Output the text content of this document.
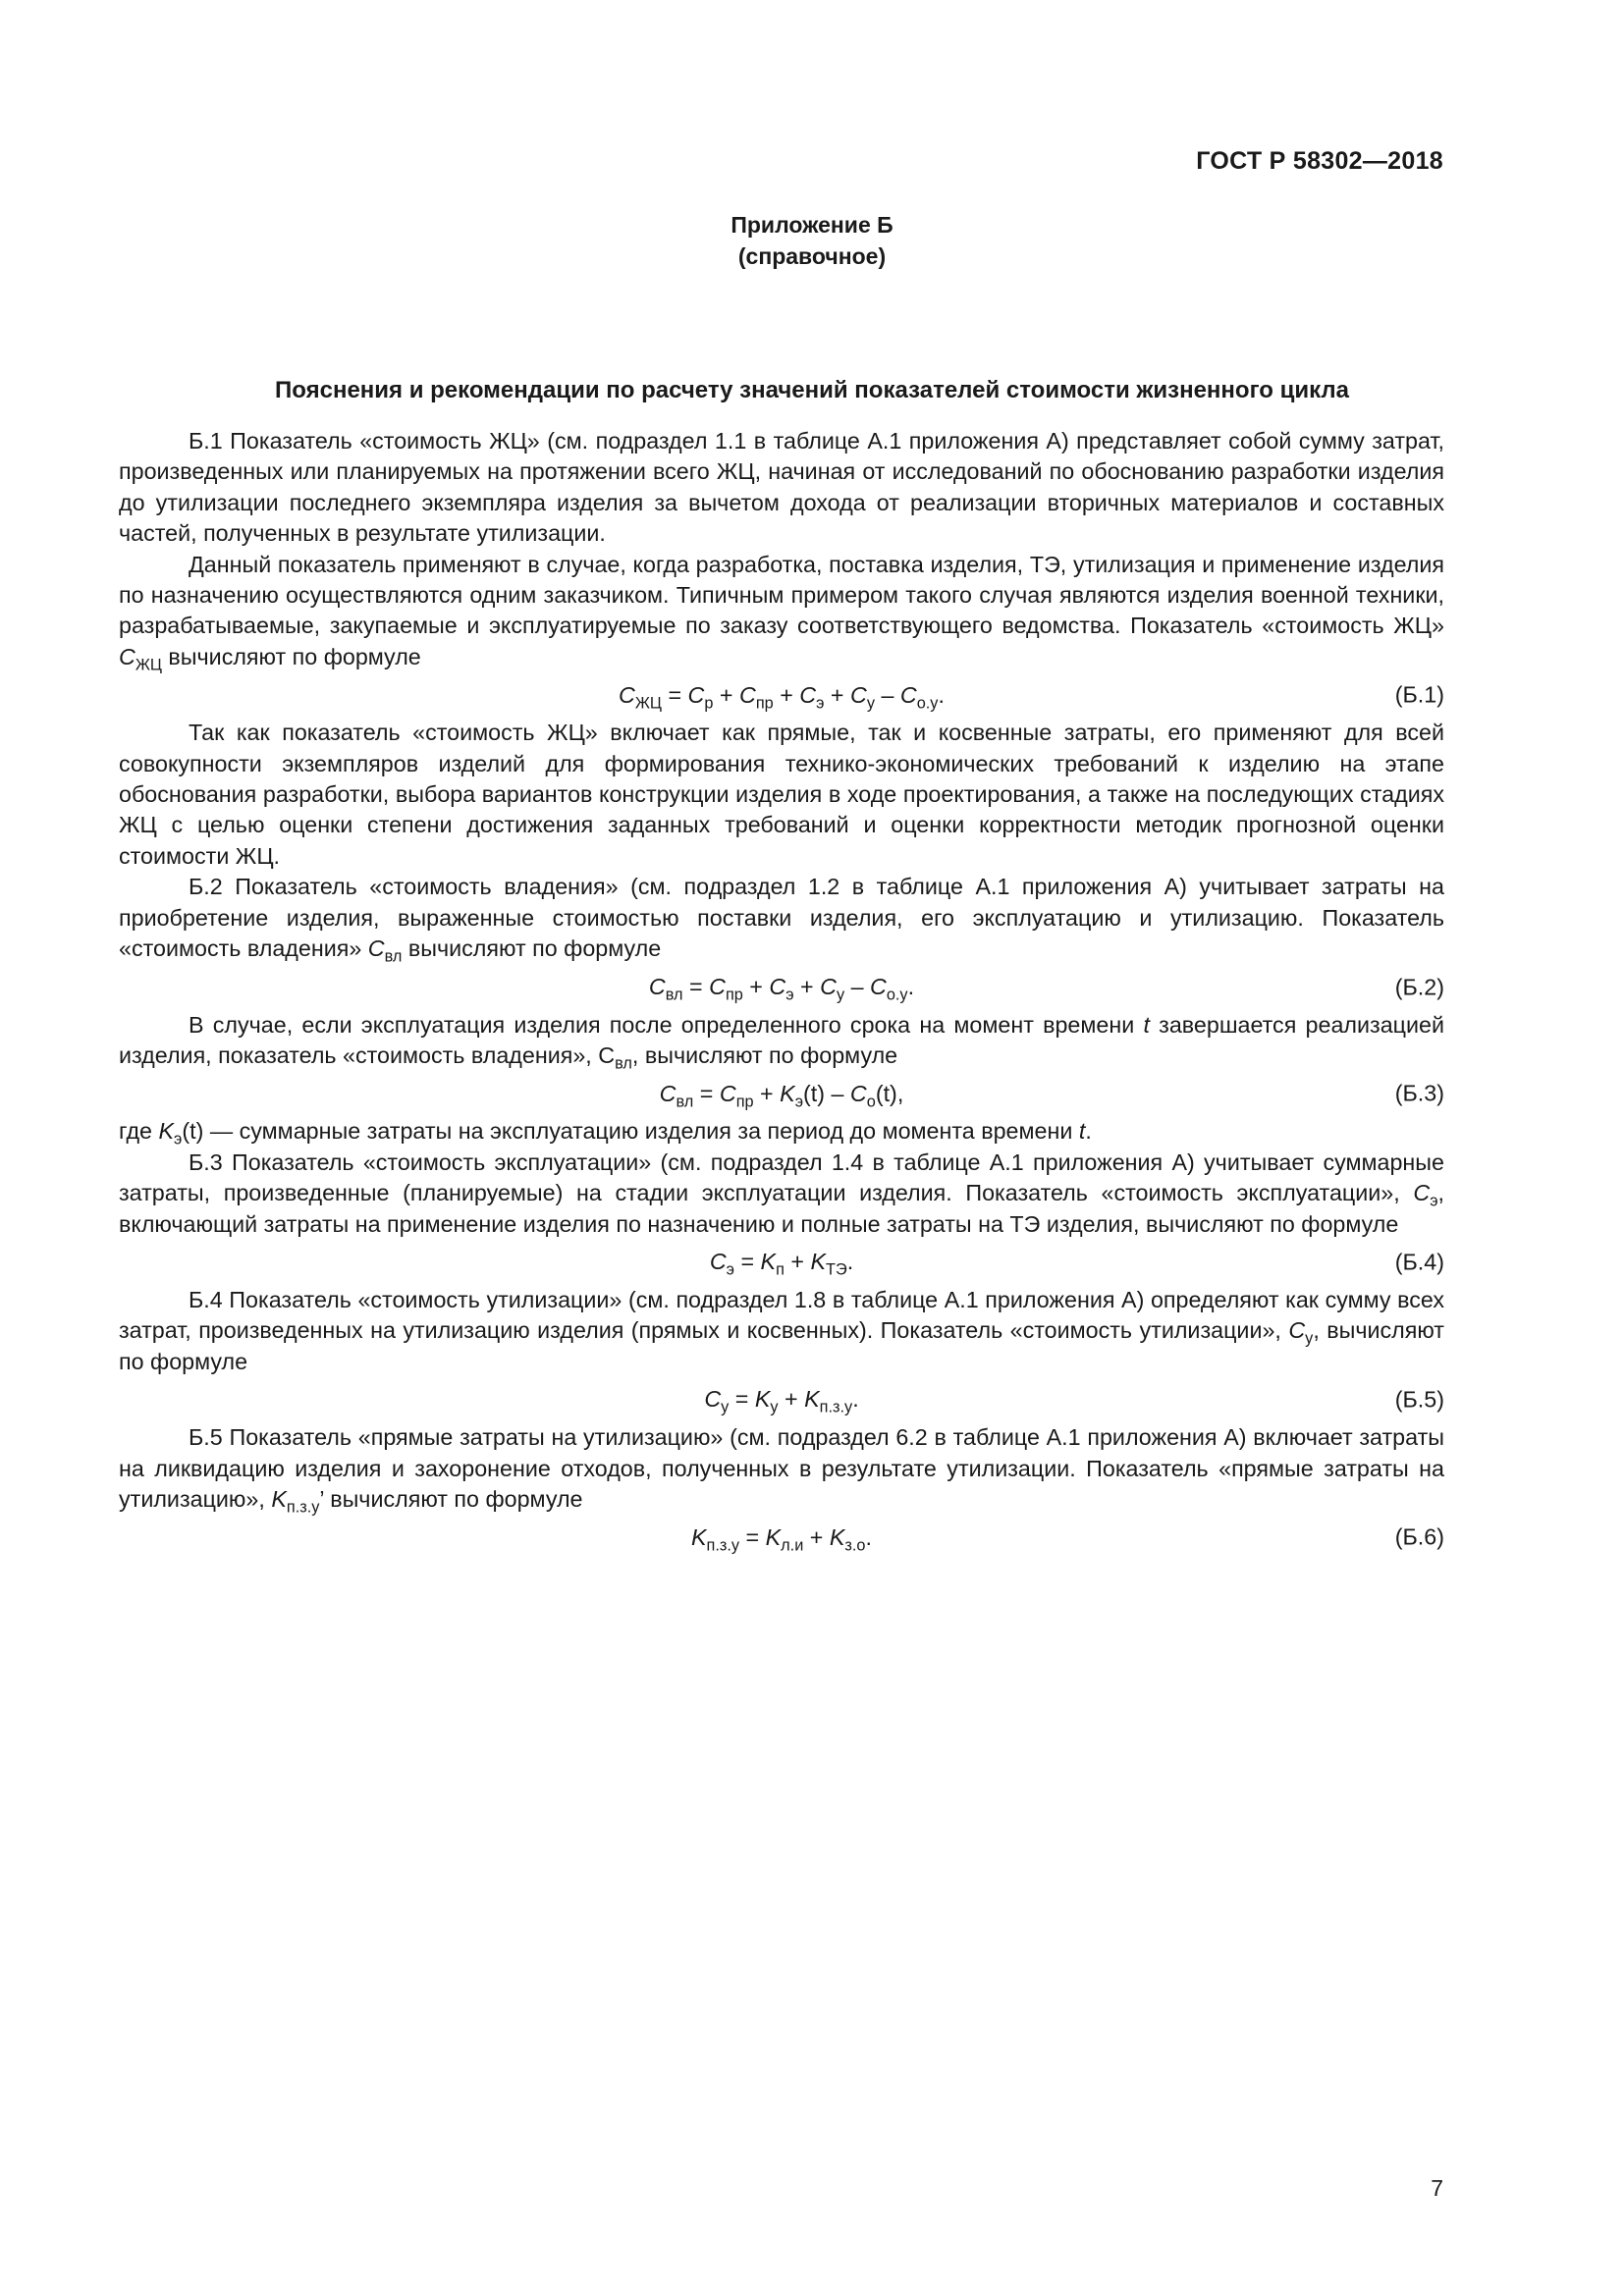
ГОСТ Р 58302—2018
Приложение Б
(справочное)
Пояснения и рекомендации по расчету значений показателей стоимости жизненного цикла

Б.1 Показатель «стоимость ЖЦ» (см. подраздел 1.1 в таблице А.1 приложения А) представляет собой сумму затрат, произведенных или планируемых на протяжении всего ЖЦ, начиная от исследований по обоснованию разработки изделия до утилизации последнего экземпляра изделия за вычетом дохода от реализации вторичных материалов и составных частей, полученных в результате утилизации.

Данный показатель применяют в случае, когда разработка, поставка изделия, ТЭ, утилизация и применение изделия по назначению осуществляются одним заказчиком. Типичным примером такого случая являются изделия военной техники, разрабатываемые, закупаемые и эксплуатируемые по заказу соответствующего ведомства. Показатель «стоимость ЖЦ» $C_{ЖЦ}$ вычисляют по формуле

$C_{ЖЦ} = C_р + C_{пр} + C_э + C_у - C_{о.у}$.	(Б.1)

Так как показатель «стоимость ЖЦ» включает как прямые, так и косвенные затраты, его применяют для всей совокупности экземпляров изделий для формирования технико-экономических требований к изделию на этапе обоснования разработки, выбора вариантов конструкции изделия в ходе проектирования, а также на последующих стадиях ЖЦ с целью оценки степени достижения заданных требований и оценки корректности методик прогнозной оценки стоимости ЖЦ.

Б.2 Показатель «стоимость владения» (см. подраздел 1.2 в таблице А.1 приложения А) учитывает затраты на приобретение изделия, выраженные стоимостью поставки изделия, его эксплуатацию и утилизацию. Показатель «стоимость владения» $C_{вл}$ вычисляют по формуле

$C_{вл} = C_{пр} + C_э + C_у - C_{о.у}$.	(Б.2)

В случае, если эксплуатация изделия после определенного срока на момент времени t завершается реализацией изделия, показатель «стоимость владения», $С_{вл}$, вычисляют по формуле

$C_{вл} = C_{пр} + K_э(t) - C_о(t)$,	(Б.3)

где $K_э(t)$ — суммарные затраты на эксплуатацию изделия за период до момента времени t.

Б.3 Показатель «стоимость эксплуатации» (см. подраздел 1.4 в таблице А.1 приложения А) учитывает суммарные затраты, произведенные (планируемые) на стадии эксплуатации изделия. Показатель «стоимость эксплуатации», $C_э$, включающий затраты на применение изделия по назначению и полные затраты на ТЭ изделия, вычисляют по формуле

$C_э = K_п + K_{ТЭ}$.	(Б.4)

Б.4 Показатель «стоимость утилизации» (см. подраздел 1.8 в таблице А.1 приложения А) определяют как сумму всех затрат, произведенных на утилизацию изделия (прямых и косвенных). Показатель «стоимость утилизации», $C_у$, вычисляют по формуле

$C_у = K_у + K_{п.з.у}$.	(Б.5)

Б.5 Показатель «прямые затраты на утилизацию» (см. подраздел 6.2 в таблице А.1 приложения А) включает затраты на ликвидацию изделия и захоронение отходов, полученных в результате утилизации. Показатель «прямые затраты на утилизацию», $K_{п.з.у}$’ вычисляют по формуле

$K_{п.з.у} = K_{л.и} + K_{з.о}$.	(Б.6)
7
